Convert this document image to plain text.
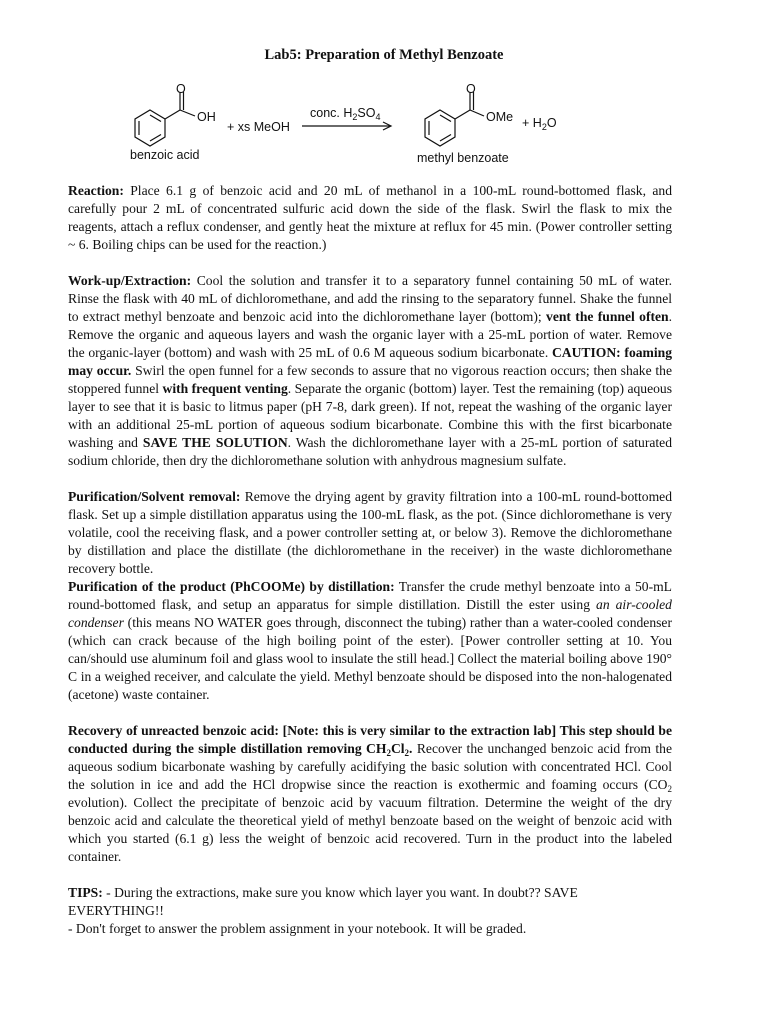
Lab5: Preparation of Methyl Benzoate
O
OH
+ xs MeOH
conc. $H_2SO_4$
O
OMe + $H_2O$
benzoic acid	methyl benzoate

Reaction: Place 6.1 g of benzoic acid and 20 mL of methanol in a 100-mL round-bottomed flask, and carefully pour 2 mL of concentrated sulfuric acid down the side of the flask. Swirl the flask to mix the reagents, attach a reflux condenser, and gently heat the mixture at reflux for 45 min. (Power controller setting ~ 6. Boiling chips can be used for the reaction.)

Work-up/Extraction: Cool the solution and transfer it to a separatory funnel containing 50 mL of water. Rinse the flask with 40 mL of dichloromethane, and add the rinsing to the separatory funnel. Shake the funnel to extract methyl benzoate and benzoic acid into the dichloromethane layer (bottom); vent the funnel often. Remove the organic and aqueous layers and wash the organic layer with a 25-mL portion of water. Remove the organic-layer (bottom) and wash with 25 mL of 0.6 M aqueous sodium bicarbonate. CAUTION: foaming may occur. Swirl the open funnel for a few seconds to assure that no vigorous reaction occurs; then shake the stoppered funnel with frequent venting. Separate the organic (bottom) layer. Test the remaining (top) aqueous layer to see that it is basic to litmus paper (pH 7-8, dark green). If not, repeat the washing of the organic layer with an additional 25-mL portion of aqueous sodium bicarbonate. Combine this with the first bicarbonate washing and SAVE THE SOLUTION. Wash the dichloromethane layer with a 25-mL portion of saturated sodium chloride, then dry the dichloromethane solution with anhydrous magnesium sulfate.

Purification/Solvent removal: Remove the drying agent by gravity filtration into a 100-mL round-bottomed flask. Set up a simple distillation apparatus using the 100-mL flask, as the pot. (Since dichloromethane is very volatile, cool the receiving flask, and a power controller setting at, or below 3). Remove the dichloromethane by distillation and place the distillate (the dichloromethane in the receiver) in the waste dichloromethane recovery bottle.

Purification of the product (PhCOOMe) by distillation: Transfer the crude methyl benzoate into a 50-mL round-bottomed flask, and setup an apparatus for simple distillation. Distill the ester using an air-cooled condenser (this means NO WATER goes through, disconnect the tubing) rather than a water-cooled condenser (which can crack because of the high boiling point of the ester). [Power controller setting at 10. You can/should use aluminum foil and glass wool to insulate the still head.] Collect the material boiling above 190° C in a weighed receiver, and calculate the yield. Methyl benzoate should be disposed into the non-halogenated (acetone) waste container.

Recovery of unreacted benzoic acid: [Note: this is very similar to the extraction lab] This step should be conducted during the simple distillation removing $CH_2Cl_2$. Recover the unchanged benzoic acid from the aqueous sodium bicarbonate washing by carefully acidifying the basic solution with concentrated HCl. Cool the solution in ice and add the HCl dropwise since the reaction is exothermic and foaming occurs ($CO_2$ evolution). Collect the precipitate of benzoic acid by vacuum filtration. Determine the weight of the dry benzoic acid and calculate the theoretical yield of methyl benzoate based on the weight of benzoic acid with which you started (6.1 g) less the weight of benzoic acid recovered. Turn in the product into the labeled container.

TIPS: - During the extractions, make sure you know which layer you want. In doubt?? SAVE EVERYTHING!!

- Don't forget to answer the problem assignment in your notebook. It will be graded.
